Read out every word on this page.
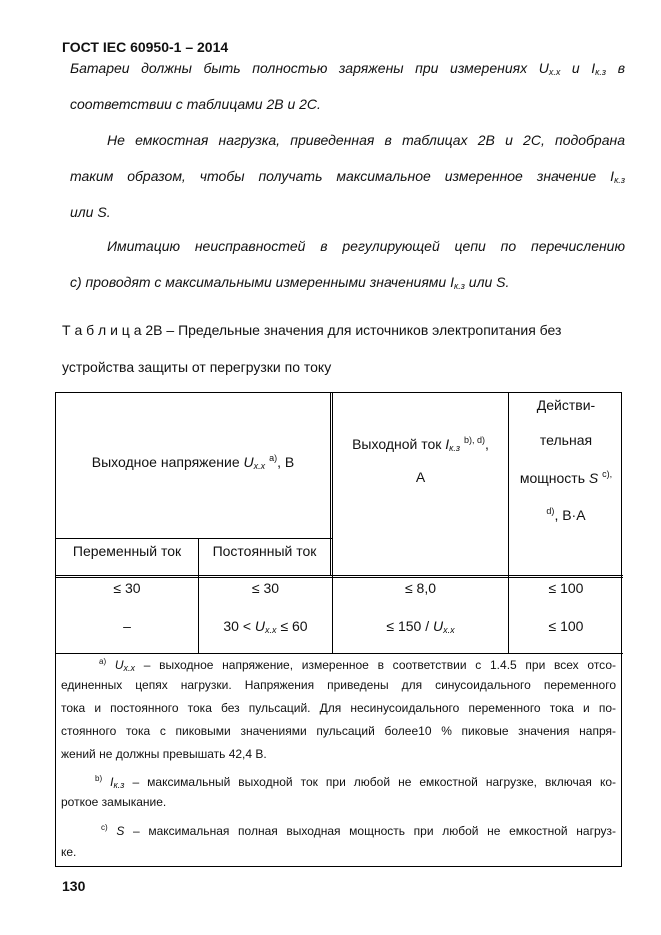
ГОСТ IEC 60950-1 – 2014
Батареи должны быть полностью заряжены при измерениях $U_{х.х}$ и $I_{к.з}$ в
соответствии с таблицами 2В и 2С.
Не емкостная нагрузка, приведенная в таблицах 2В и 2С, подобрана
таким образом, чтобы получать максимальное измеренное значение $I_{к.з}$
или S.
Имитацию неисправностей в регулирующей цепи по перечислению
с) проводят с максимальными измеренными значениями $I_{к.з}$ или S.
Т а б л и ц а 2В – Предельные значения для источников электропитания без
устройства защиты от перегрузки по току
Выходное напряжение $U_{х.х}$ $^{а)}$, В
Выходной ток $I_{к.з}$ $^{b), d)}$,
А
Действи-
тельная
мощность S $^{c),}$
$^{d)}$, В·А
Переменный ток	Постоянный ток
≤ 30	≤ 30	≤ 8,0	≤ 100
–	$30 < U_{х.х} \le 60$	≤ $150 / U_{х.х}$	≤ 100
$^{a)}$ $U_{х.х}$ – выходное напряжение, измеренное в соответствии с 1.4.5 при всех отсо-
единенных цепях нагрузки. Напряжения приведены для синусоидального переменного
тока и постоянного тока без пульсаций. Для несинусоидального переменного тока и по-
стоянного тока с пиковыми значениями пульсаций более10 % пиковые значения напря-
жений не должны превышать 42,4 В.
$^{b)}$ $I_{к.з}$ – максимальный выходной ток при любой не емкостной нагрузке, включая ко-
роткое замыкание.
$^{c)}$ S – максимальная полная выходная мощность при любой не емкостной нагруз-
ке.
130
